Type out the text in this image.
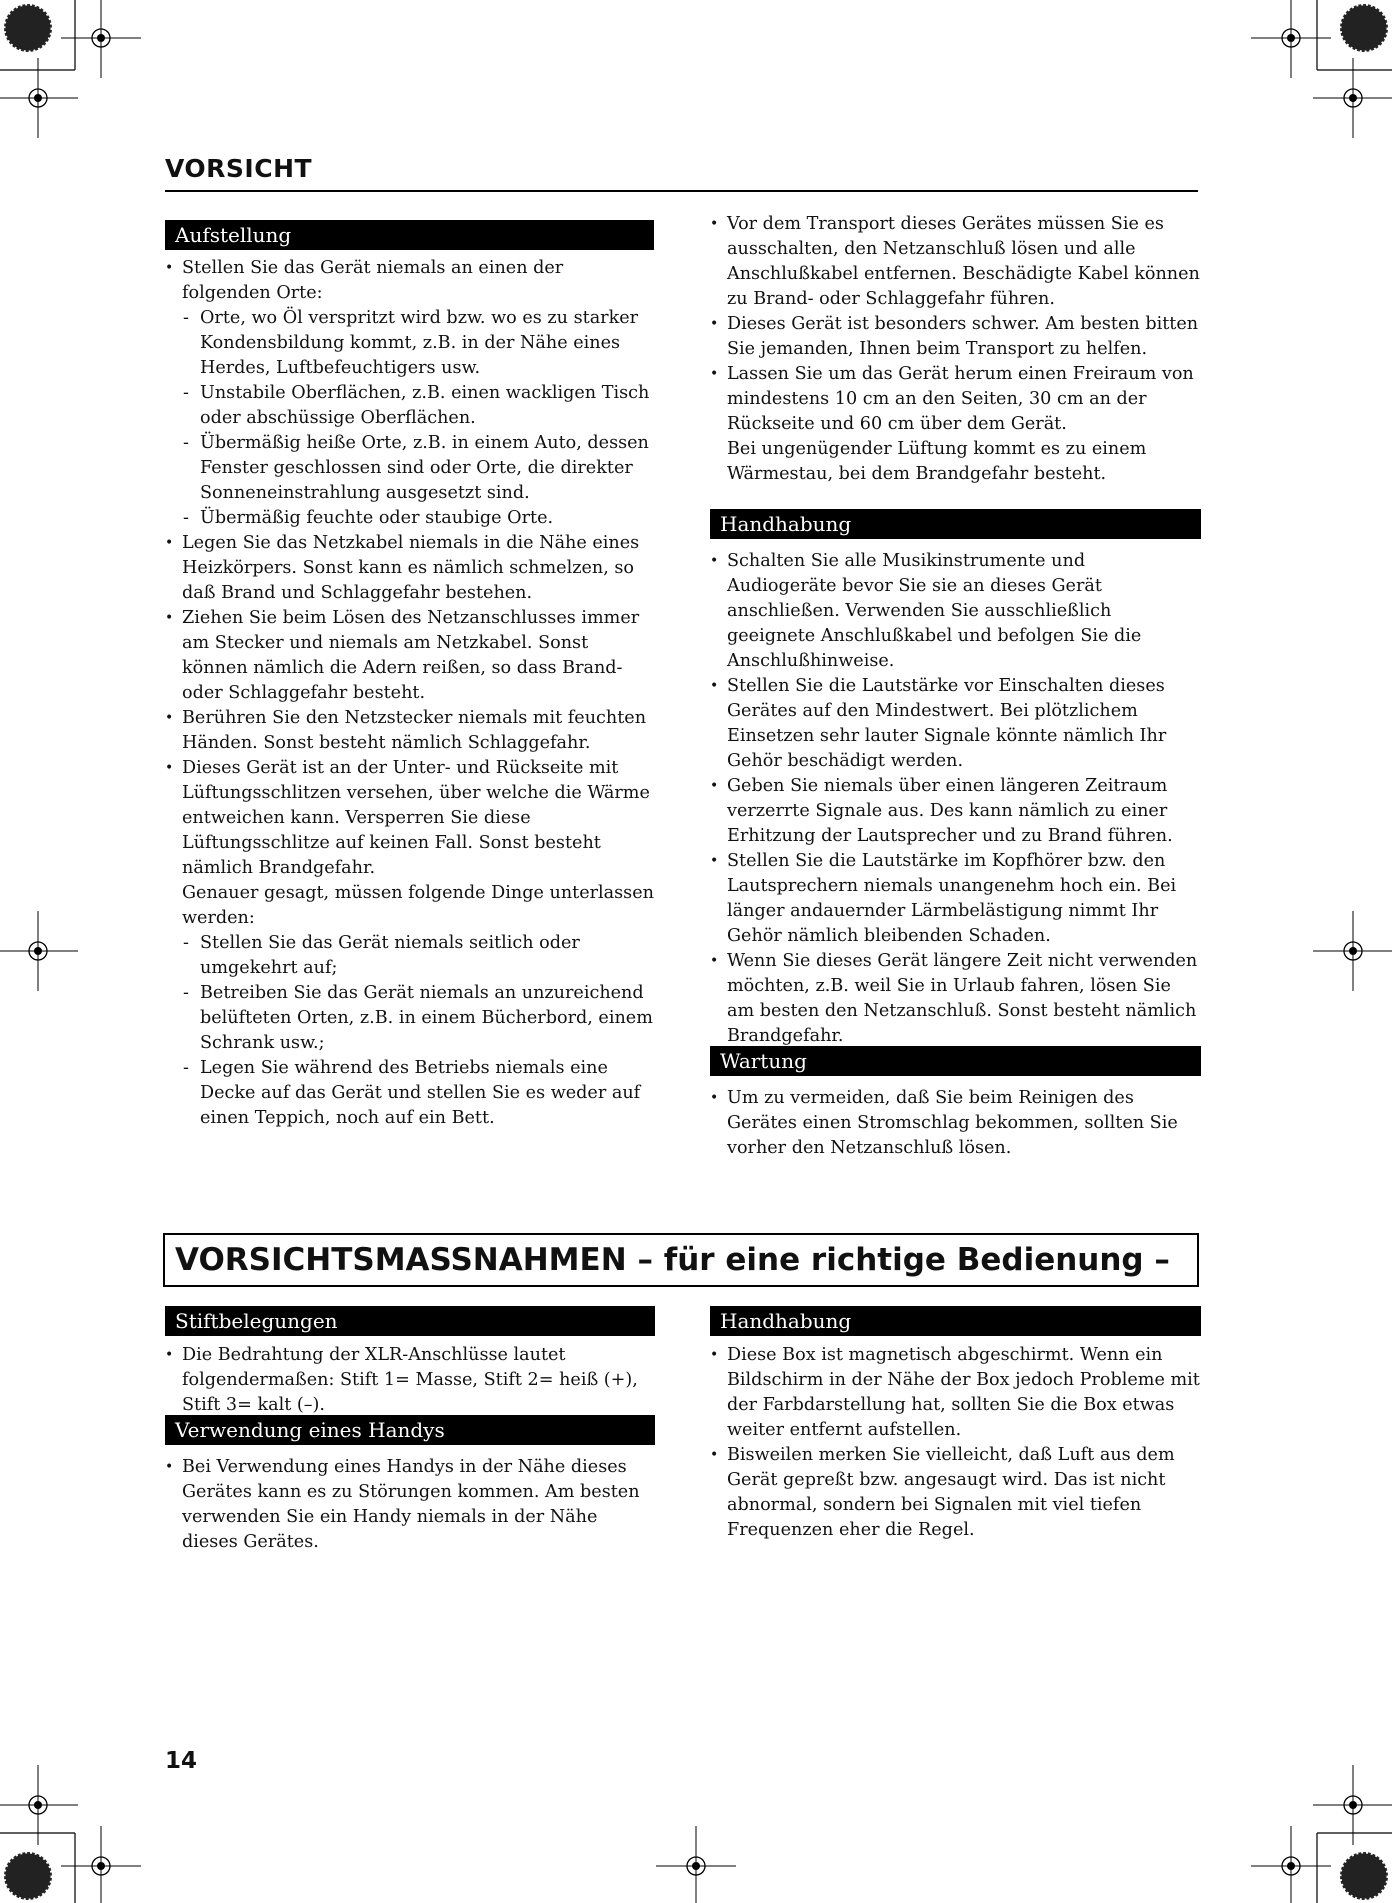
VORSICHT
Aufstellung
• Stellen Sie das Gerät niemals an einen der folgenden Orte:
- Orte, wo Öl verspritzt wird bzw. wo es zu starker Kondensbildung kommt, z.B. in der Nähe eines Herdes, Luftbefeuchtigers usw.
- Unstabile Oberflächen, z.B. einen wackligen Tisch oder abschüssige Oberflächen.
- Übermäßig heiße Orte, z.B. in einem Auto, dessen Fenster geschlossen sind oder Orte, die direkter Sonneneinstrahlung ausgesetzt sind.
- Übermäßig feuchte oder staubige Orte.
• Legen Sie das Netzkabel niemals in die Nähe eines Heizkörpers. Sonst kann es nämlich schmelzen, so daß Brand und Schlaggefahr bestehen.
• Ziehen Sie beim Lösen des Netzanschlusses immer am Stecker und niemals am Netzkabel. Sonst können nämlich die Adern reißen, so dass Brand- oder Schlaggefahr besteht.
• Berühren Sie den Netzstecker niemals mit feuchten Händen. Sonst besteht nämlich Schlaggefahr.
• Dieses Gerät ist an der Unter- und Rückseite mit Lüftungsschlitzen versehen, über welche die Wärme entweichen kann. Versperren Sie diese Lüftungsschlitze auf keinen Fall. Sonst besteht nämlich Brandgefahr.
Genauer gesagt, müssen folgende Dinge unterlassen werden:
- Stellen Sie das Gerät niemals seitlich oder umgekehrt auf;
- Betreiben Sie das Gerät niemals an unzureichend belüfteten Orten, z.B. in einem Bücherbord, einem Schrank usw.;
- Legen Sie während des Betriebs niemals eine Decke auf das Gerät und stellen Sie es weder auf einen Teppich, noch auf ein Bett.
• Vor dem Transport dieses Gerätes müssen Sie es ausschalten, den Netzanschluß lösen und alle Anschlußkabel entfernen. Beschädigte Kabel können zu Brand- oder Schlaggefahr führen.
• Dieses Gerät ist besonders schwer. Am besten bitten Sie jemanden, Ihnen beim Transport zu helfen.
• Lassen Sie um das Gerät herum einen Freiraum von mindestens 10 cm an den Seiten, 30 cm an der Rückseite und 60 cm über dem Gerät.
Bei ungenügender Lüftung kommt es zu einem Wärmestau, bei dem Brandgefahr besteht.
Handhabung
• Schalten Sie alle Musikinstrumente und Audiogeräte bevor Sie sie an dieses Gerät anschließen. Verwenden Sie ausschließlich geeignete Anschlußkabel und befolgen Sie die Anschlußhinweise.
• Stellen Sie die Lautstärke vor Einschalten dieses Gerätes auf den Mindestwert. Bei plötzlichem Einsetzen sehr lauter Signale könnte nämlich Ihr Gehör beschädigt werden.
• Geben Sie niemals über einen längeren Zeitraum verzerrte Signale aus. Des kann nämlich zu einer Erhitzung der Lautsprecher und zu Brand führen.
• Stellen Sie die Lautstärke im Kopfhörer bzw. den Lautsprechern niemals unangenehm hoch ein. Bei länger andauernder Lärmbelästigung nimmt Ihr Gehör nämlich bleibenden Schaden.
• Wenn Sie dieses Gerät längere Zeit nicht verwenden möchten, z.B. weil Sie in Urlaub fahren, lösen Sie am besten den Netzanschluß. Sonst besteht nämlich Brandgefahr.
Wartung
• Um zu vermeiden, daß Sie beim Reinigen des Gerätes einen Stromschlag bekommen, sollten Sie vorher den Netzanschluß lösen.
VORSICHTSMASSNAHMEN – für eine richtige Bedienung –
Stiftbelegungen
• Die Bedrahtung der XLR-Anschlüsse lautet folgendermaßen: Stift 1= Masse, Stift 2= heiß (+), Stift 3= kalt (–).
Verwendung eines Handys
• Bei Verwendung eines Handys in der Nähe dieses Gerätes kann es zu Störungen kommen. Am besten verwenden Sie ein Handy niemals in der Nähe dieses Gerätes.
Handhabung
• Diese Box ist magnetisch abgeschirmt. Wenn ein Bildschirm in der Nähe der Box jedoch Probleme mit der Farbdarstellung hat, sollten Sie die Box etwas weiter entfernt aufstellen.
• Bisweilen merken Sie vielleicht, daß Luft aus dem Gerät gepreßt bzw. angesaugt wird. Das ist nicht abnormal, sondern bei Signalen mit viel tiefen Frequenzen eher die Regel.
14
